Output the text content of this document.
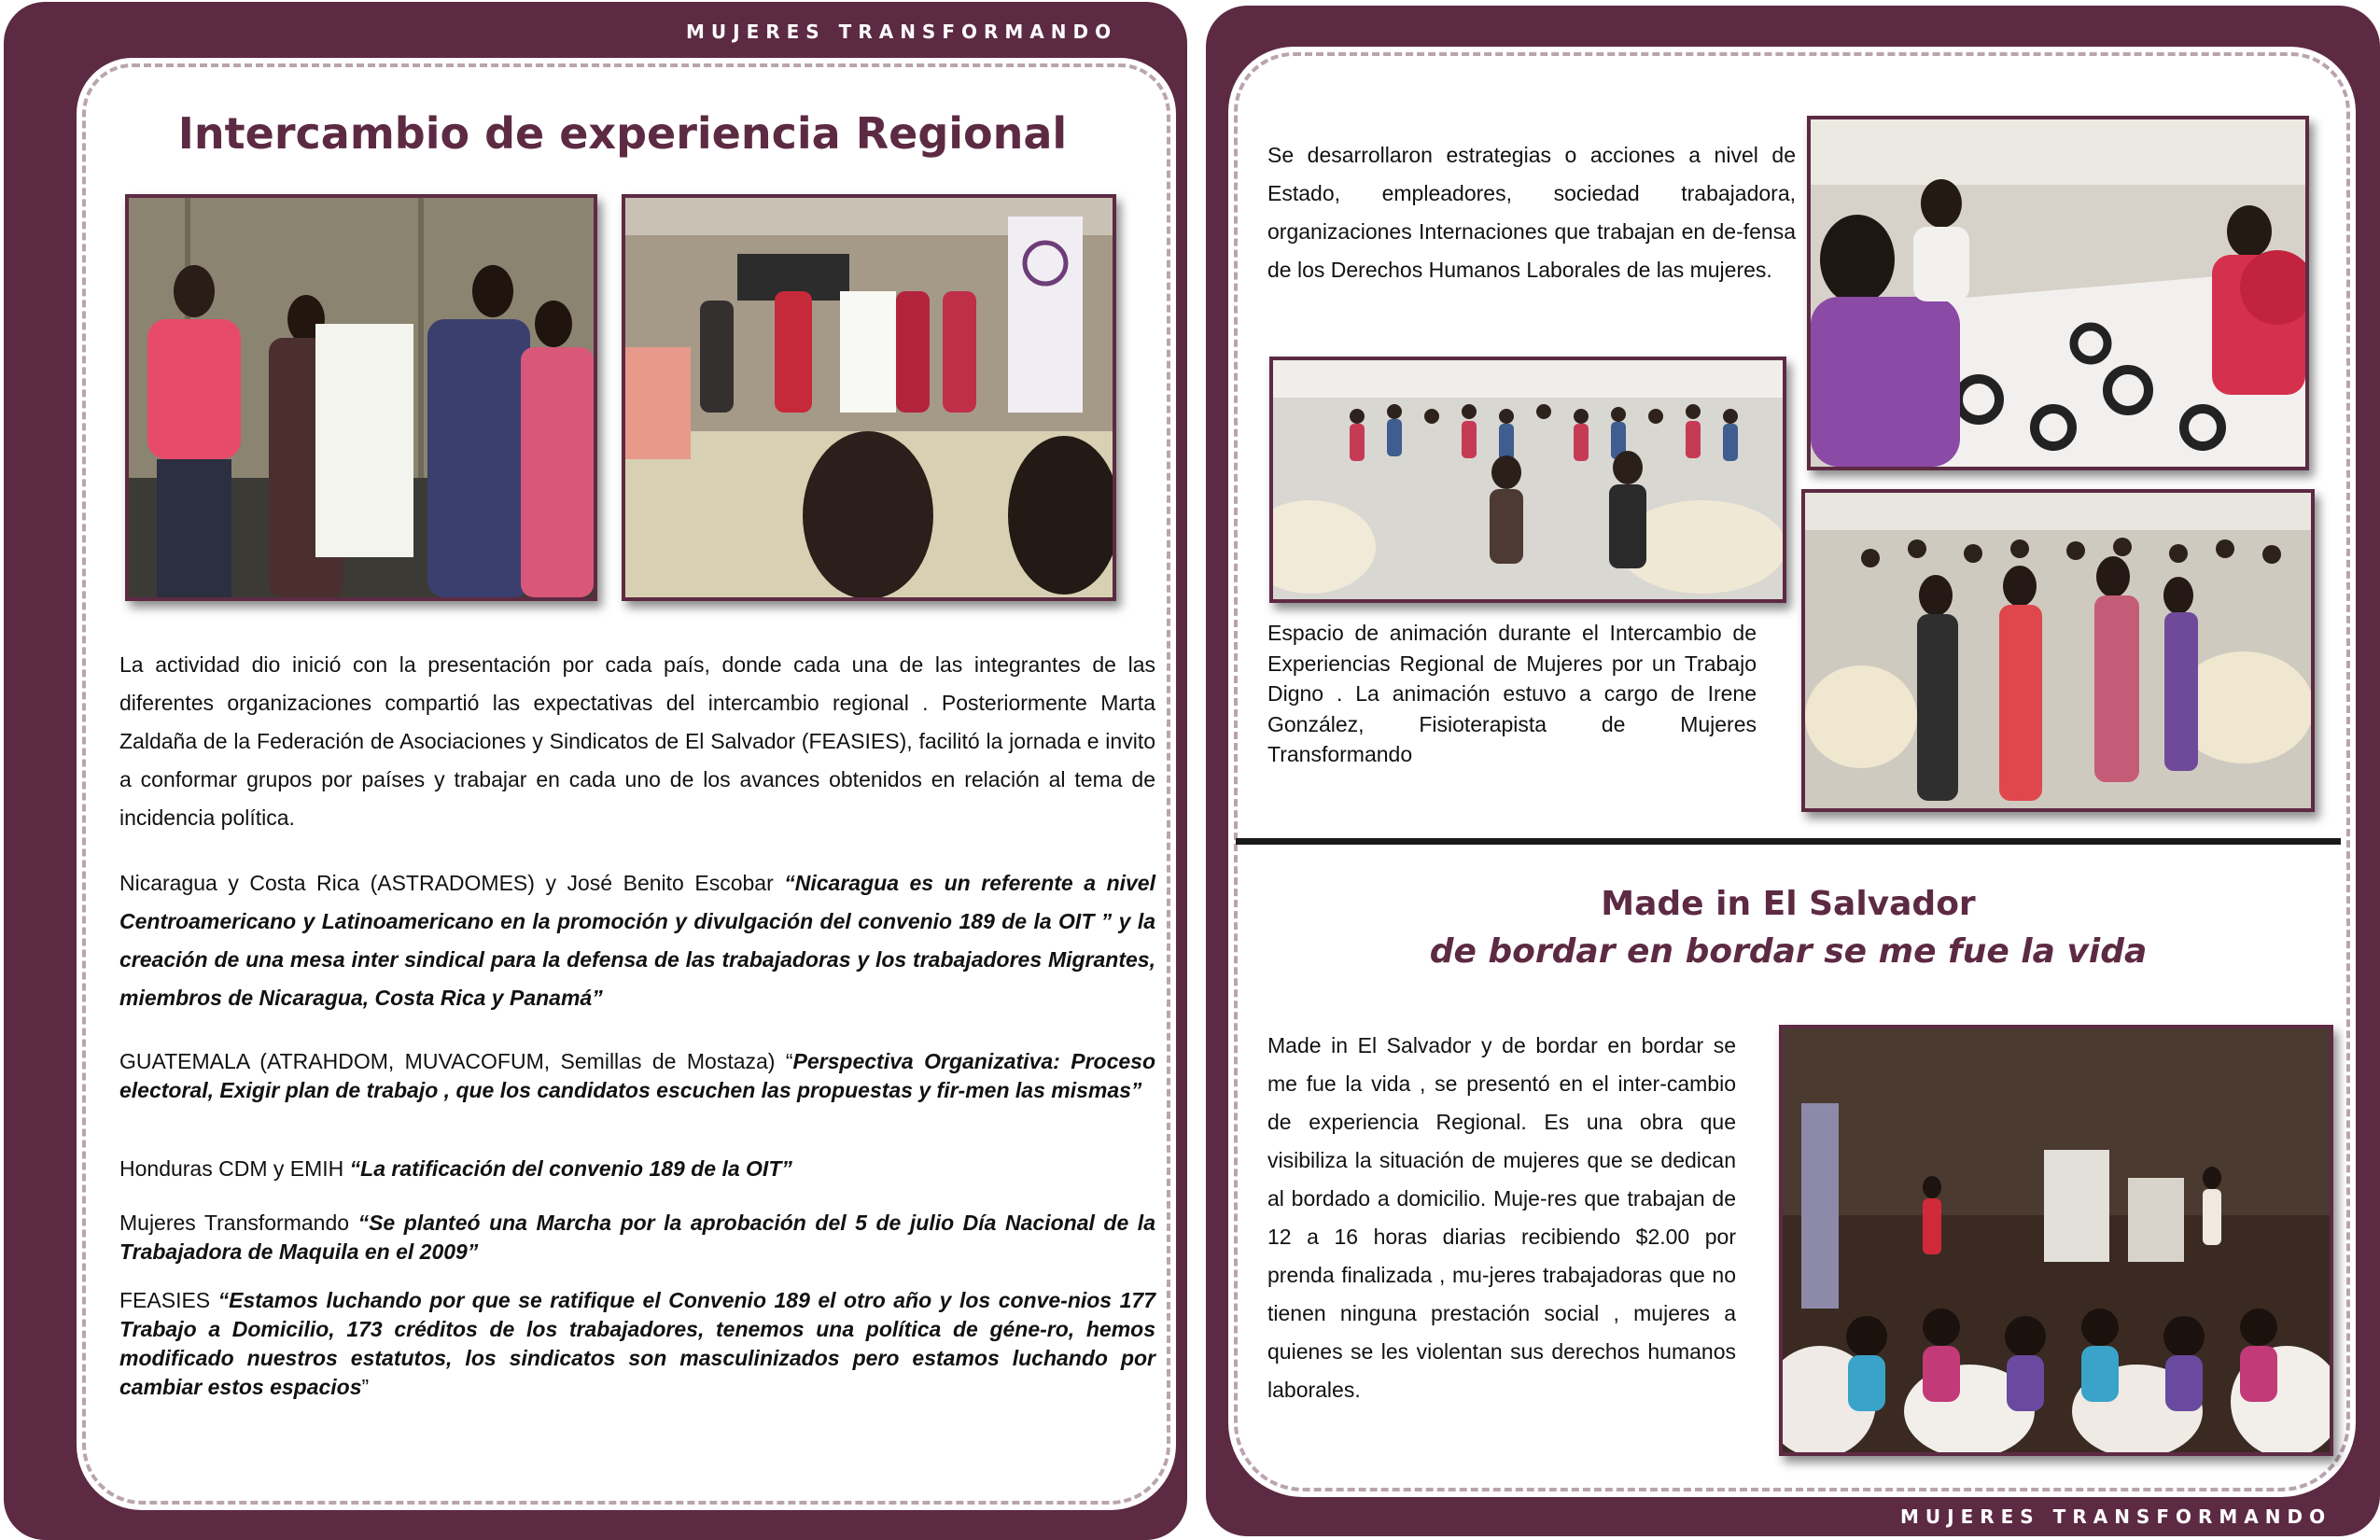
MUJERES TRANSFORMANDO
Intercambio de experiencia Regional
La actividad dio inició con la presentación por cada país, donde cada una de las integrantes de las diferentes organizaciones compartió las expectativas del intercambio regional . Posteriormente Marta Zaldaña de la Federación de Asociaciones y Sindicatos de El Salvador (FEASIES), facilitó la jornada e invito a conformar grupos por países y trabajar en cada uno de los avances obtenidos en relación al tema de incidencia política.
Nicaragua y Costa Rica (ASTRADOMES) y José Benito Escobar “Nicaragua es un referente a nivel Centroamericano y Latinoamericano en la promoción y divulgación del convenio 189 de la OIT ” y la creación de una mesa inter sindical para la defensa de las trabajadoras y los trabajadores Migrantes, miembros de Nicaragua, Costa Rica y Panamá”
GUATEMALA (ATRAHDOM, MUVACOFUM, Semillas de Mostaza) “Perspectiva Organizativa: Proceso electoral, Exigir plan de trabajo , que los candidatos escuchen las propuestas y fir-men las mismas”
Honduras CDM y EMIH “La ratificación del convenio 189 de la OIT”
Mujeres Transformando “Se planteó una Marcha por la aprobación del 5 de julio Día Nacional de la Trabajadora de Maquila en el 2009”
FEASIES “Estamos luchando por que se ratifique el Convenio 189 el otro año y los conve-nios 177 Trabajo a Domicilio, 173 créditos de los trabajadores, tenemos una política de géne-ro, hemos modificado nuestros estatutos, los sindicatos son masculinizados pero estamos luchando por cambiar estos espacios”
MUJERES TRANSFORMANDO
Se desarrollaron estrategias o acciones a nivel de Estado, empleadores, sociedad trabajadora, organizaciones Internaciones que trabajan en de-fensa de los Derechos Humanos Laborales de las mujeres.
Espacio de animación durante el Intercambio de Experiencias Regional de Mujeres por un Trabajo Digno . La animación estuvo a cargo de Irene González, Fisioterapista de Mujeres Transformando
Made in El Salvador
de bordar en bordar se me fue la vida
Made in El Salvador y de bordar en bordar se me fue la vida , se presentó en el inter-cambio de experiencia Regional. Es una obra que visibiliza la situación de mujeres que se dedican al bordado a domicilio. Muje-res que trabajan de 12 a 16 horas diarias recibiendo $2.00 por prenda finalizada , mu-jeres trabajadoras que no tienen ninguna prestación social , mujeres a quienes se les violentan sus derechos humanos laborales.
